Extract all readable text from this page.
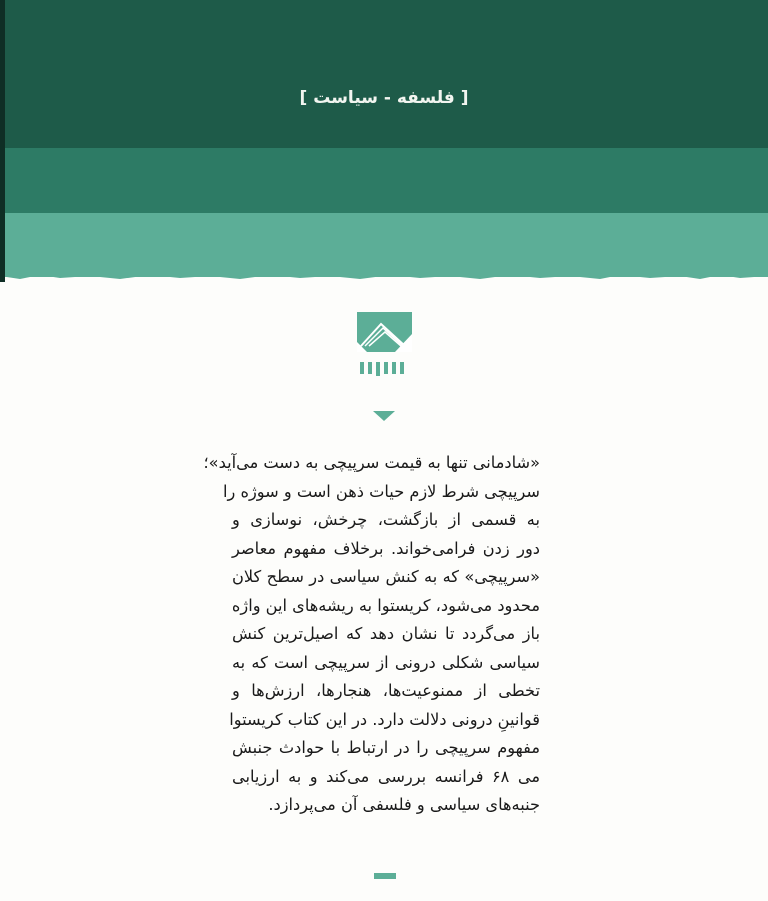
[ فلسفه - سیاست ]
«شادمانی تنها به قیمت سرپیچی به دست می‌آید»؛
سرپیچی شرط لازم حیات ذهن است و سوژه را
به قسمی از بازگشت، چرخش، نوسازی و
دور زدن فرامی‌خواند. برخلاف مفهوم معاصر
«سرپیچی» که به کنش سیاسی در سطح کلان
محدود می‌شود، کریستوا به ریشه‌های این واژه
باز می‌گردد تا نشان دهد که اصیل‌ترین کنش
سیاسی شکلی درونی از سرپیچی است که به
تخطی از ممنوعیت‌ها، هنجارها، ارزش‌ها و
قوانینِ درونی دلالت دارد. در این کتاب کریستوا
مفهوم سرپیچی را در ارتباط با حوادث جنبش
می ۶۸ فرانسه بررسی می‌کند و به ارزیابی
جنبه‌های سیاسی و فلسفی آن می‌پردازد.
